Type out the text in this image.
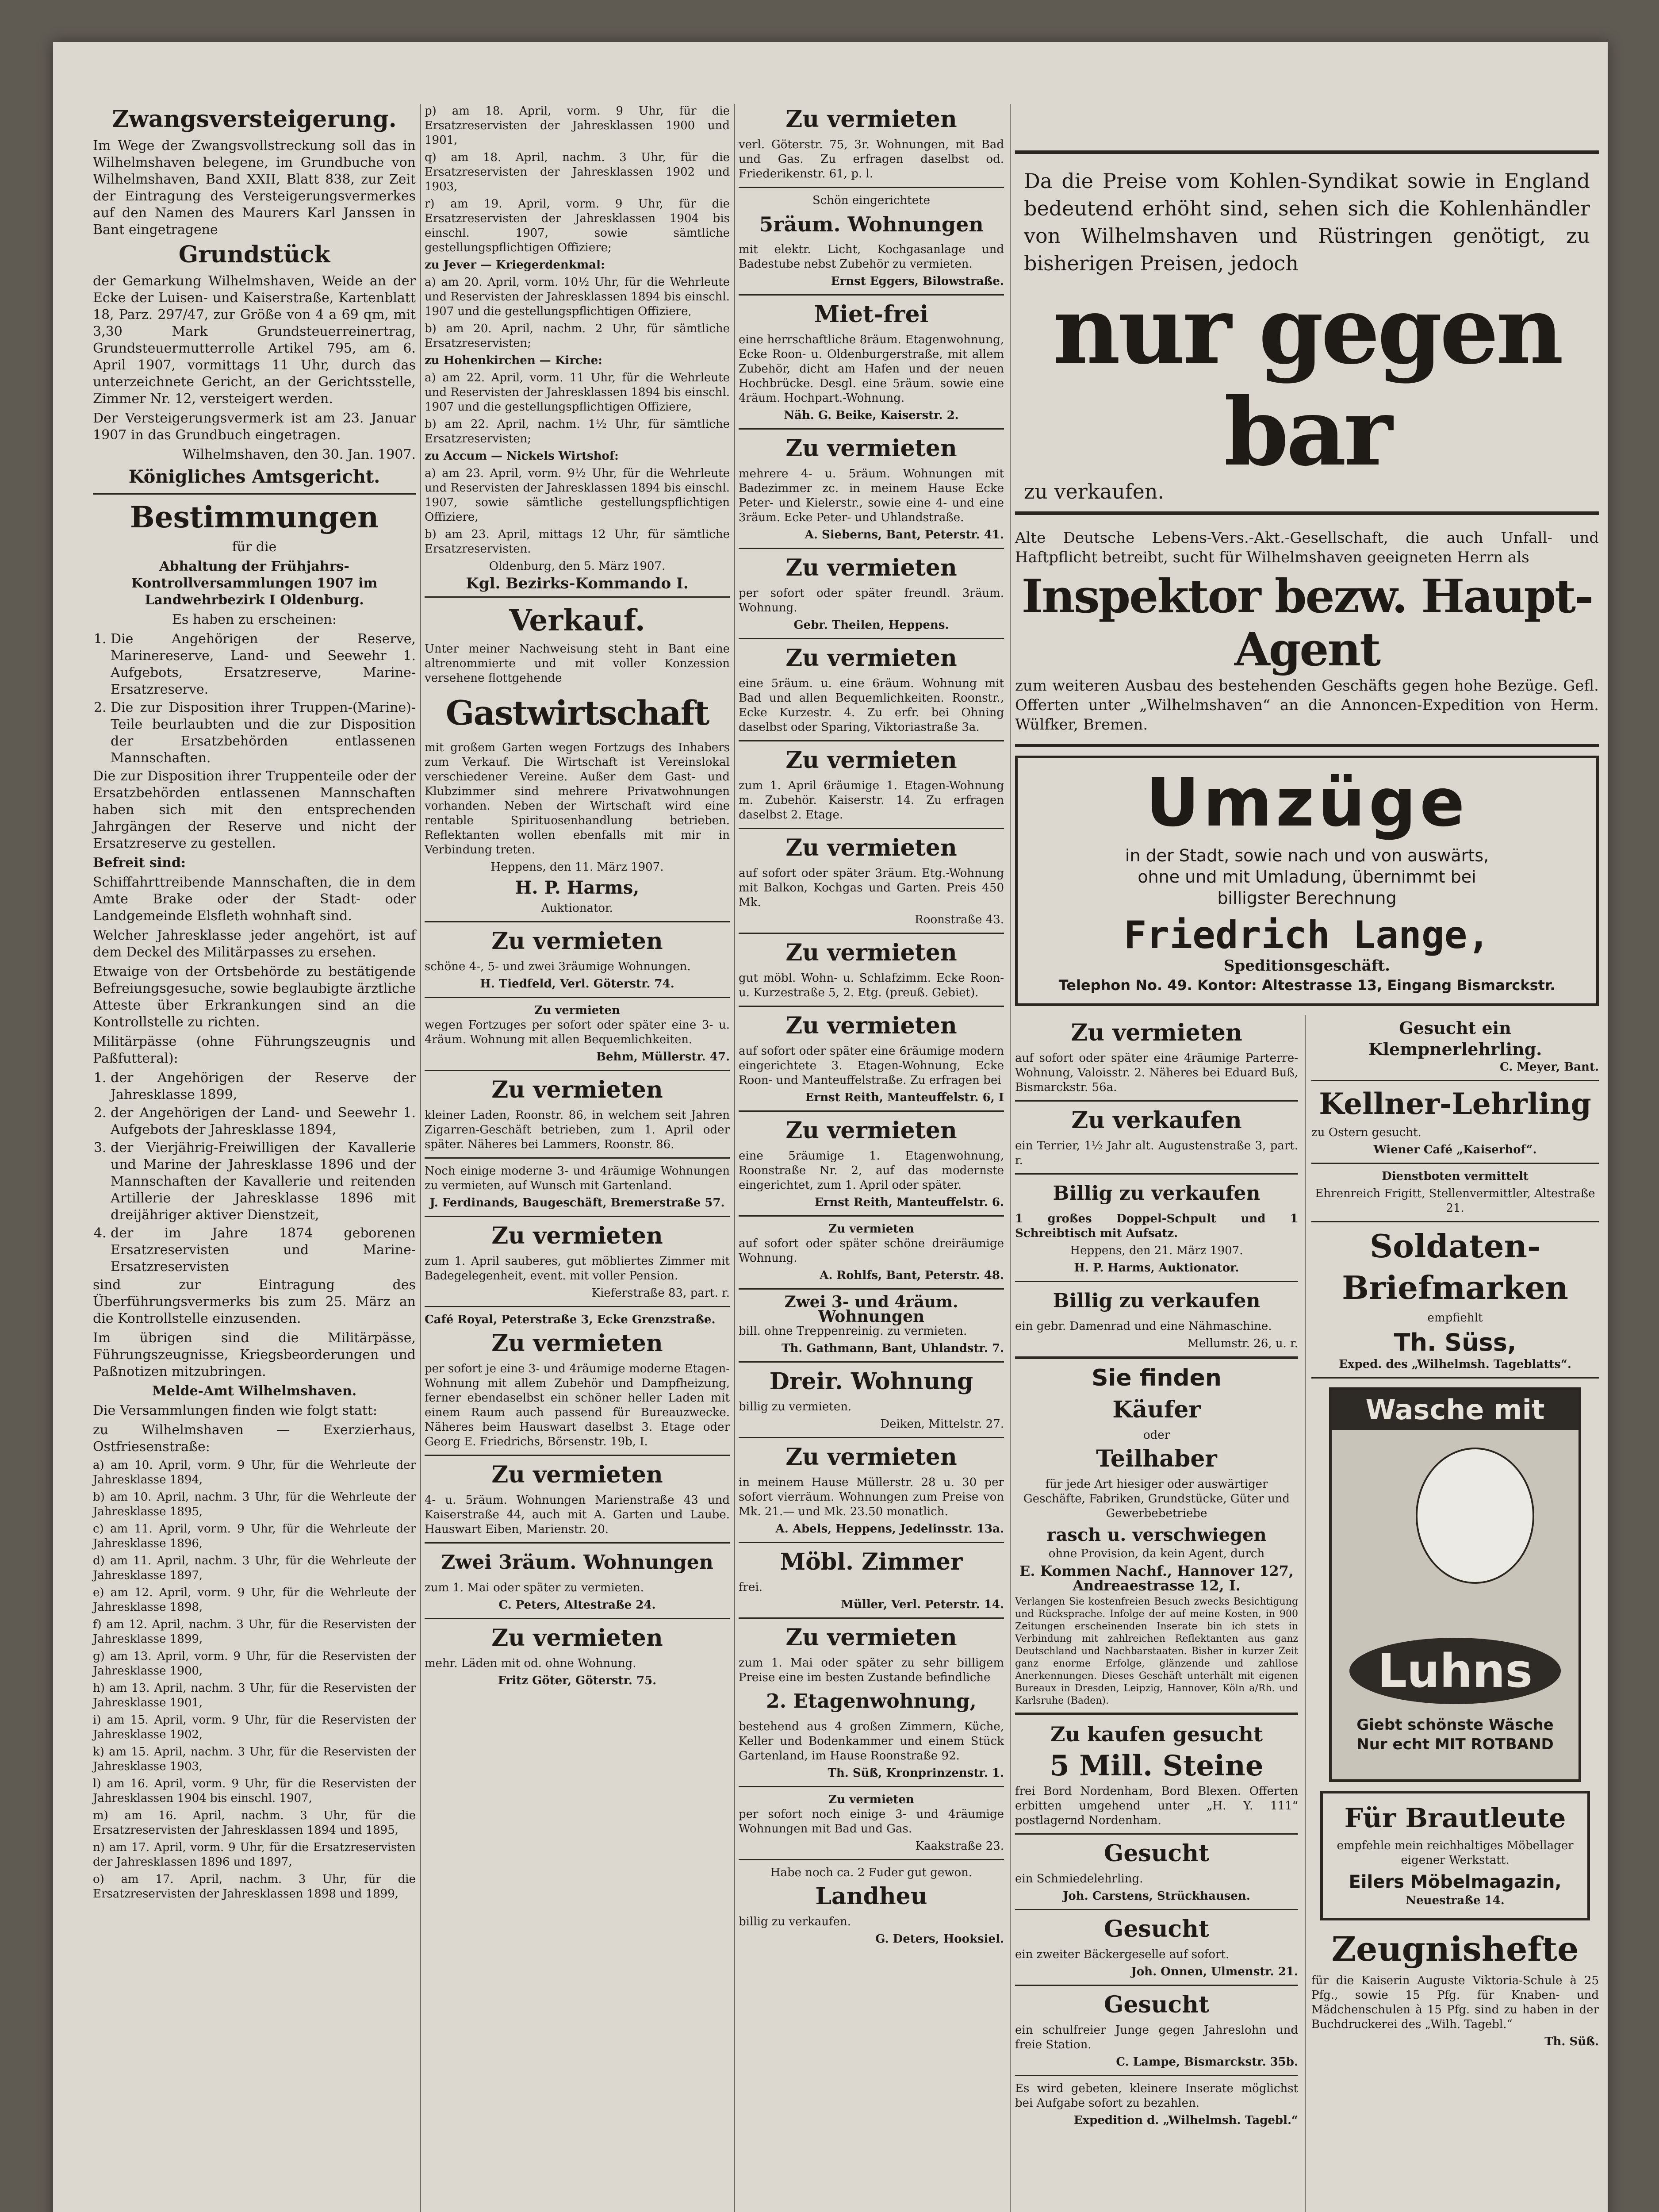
Zwangsversteigerung.

Im Wege der Zwangsvollstreckung soll das in Wilhelmshaven belegene, im Grundbuche von Wilhelmshaven, Band XXII, Blatt 838, zur Zeit der Eintragung des Versteigerungsvermerkes auf den Namen des Maurers Karl Janssen in Bant eingetragene

Grundstück

der Gemarkung Wilhelmshaven, Weide an der Ecke der Luisen- und Kaiserstraße, Kartenblatt 18, Parz. 297/47, zur Größe von 4 a 69 qm, mit 3,30 Mark Grundsteuerreinertrag, Grundsteuermutterrolle Artikel 795, am 6. April 1907, vormittags 11 Uhr, durch das unterzeichnete Gericht, an der Gerichtsstelle, Zimmer Nr. 12, versteigert werden.

Der Versteigerungsvermerk ist am 23. Januar 1907 in das Grundbuch eingetragen.

Wilhelmshaven, den 30. Jan. 1907.

Königliches Amtsgericht.

Bestimmungen

für die

Abhaltung der Frühjahrs-Kontrollversammlungen 1907 im Landwehrbezirk I Oldenburg.

Es haben zu erscheinen:

1. Die Angehörigen der Reserve, Marinereserve, Land- und Seewehr 1. Aufgebots, Ersatzreserve, Marine-Ersatzreserve.
2. Die zur Disposition ihrer Truppen-(Marine)-Teile beurlaubten und die zur Disposition der Ersatzbehörden entlassenen Mannschaften.

Die zur Disposition ihrer Truppenteile oder der Ersatzbehörden entlassenen Mannschaften haben sich mit den entsprechenden Jahrgängen der Reserve und nicht der Ersatzreserve zu gestellen.

Befreit sind:

Schiffahrttreibende Mannschaften, die in dem Amte Brake oder der Stadt- oder Landgemeinde Elsfleth wohnhaft sind.

Welcher Jahresklasse jeder angehört, ist auf dem Deckel des Militärpasses zu ersehen.

Etwaige von der Ortsbehörde zu bestätigende Befreiungsgesuche, sowie beglaubigte ärztliche Atteste über Erkrankungen sind an die Kontrollstelle zu richten.

Militärpässe (ohne Führungszeugnis und Paßfutteral):

1. der Angehörigen der Reserve der Jahresklasse 1899,
2. der Angehörigen der Land- und Seewehr 1. Aufgebots der Jahresklasse 1894,
3. der Vierjährig-Freiwilligen der Kavallerie und Marine der Jahresklasse 1896 und der Mannschaften der Kavallerie und reitenden Artillerie der Jahresklasse 1896 mit dreijähriger aktiver Dienstzeit,
4. der im Jahre 1874 geborenen Ersatzreservisten und Marine-Ersatzreservisten

sind zur Eintragung des Überführungsvermerks bis zum 25. März an die Kontrollstelle einzusenden.

Im übrigen sind die Militärpässe, Führungszeugnisse, Kriegsbeorderungen und Paßnotizen mitzubringen.

Melde-Amt Wilhelmshaven.

Die Versammlungen finden wie folgt statt:

zu Wilhelmshaven — Exerzierhaus, Ostfriesenstraße:

a) am 10. April, vorm. 9 Uhr, für die Wehrleute der Jahresklasse 1894,

b) am 10. April, nachm. 3 Uhr, für die Wehrleute der Jahresklasse 1895,

c) am 11. April, vorm. 9 Uhr, für die Wehrleute der Jahresklasse 1896,

d) am 11. April, nachm. 3 Uhr, für die Wehrleute der Jahresklasse 1897,

e) am 12. April, vorm. 9 Uhr, für die Wehrleute der Jahresklasse 1898,

f) am 12. April, nachm. 3 Uhr, für die Reservisten der Jahresklasse 1899,

g) am 13. April, vorm. 9 Uhr, für die Reservisten der Jahresklasse 1900,

h) am 13. April, nachm. 3 Uhr, für die Reservisten der Jahresklasse 1901,

i) am 15. April, vorm. 9 Uhr, für die Reservisten der Jahresklasse 1902,

k) am 15. April, nachm. 3 Uhr, für die Reservisten der Jahresklasse 1903,

l) am 16. April, vorm. 9 Uhr, für die Reservisten der Jahresklassen 1904 bis einschl. 1907,

m) am 16. April, nachm. 3 Uhr, für die Ersatzreservisten der Jahresklassen 1894 und 1895,

n) am 17. April, vorm. 9 Uhr, für die Ersatzreservisten der Jahresklassen 1896 und 1897,

o) am 17. April, nachm. 3 Uhr, für die Ersatzreservisten der Jahresklassen 1898 und 1899,

p) am 18. April, vorm. 9 Uhr, für die Ersatzreservisten der Jahresklassen 1900 und 1901,

q) am 18. April, nachm. 3 Uhr, für die Ersatzreservisten der Jahresklassen 1902 und 1903,

r) am 19. April, vorm. 9 Uhr, für die Ersatzreservisten der Jahresklassen 1904 bis einschl. 1907, sowie sämtliche gestellungspflichtigen Offiziere;

zu Jever — Kriegerdenkmal:

a) am 20. April, vorm. 10½ Uhr, für die Wehrleute und Reservisten der Jahresklassen 1894 bis einschl. 1907 und die gestellungspflichtigen Offiziere,

b) am 20. April, nachm. 2 Uhr, für sämtliche Ersatzreservisten;

zu Hohenkirchen — Kirche:

a) am 22. April, vorm. 11 Uhr, für die Wehrleute und Reservisten der Jahresklassen 1894 bis einschl. 1907 und die gestellungspflichtigen Offiziere,

b) am 22. April, nachm. 1½ Uhr, für sämtliche Ersatzreservisten;

zu Accum — Nickels Wirtshof:

a) am 23. April, vorm. 9½ Uhr, für die Wehrleute und Reservisten der Jahresklassen 1894 bis einschl. 1907, sowie sämtliche gestellungspflichtigen Offiziere,

b) am 23. April, mittags 12 Uhr, für sämtliche Ersatzreservisten.

Oldenburg, den 5. März 1907.

Kgl. Bezirks-Kommando I.

Verkauf.

Unter meiner Nachweisung steht in Bant eine altrenommierte und mit voller Konzession versehene flottgehende

Gastwirtschaft

mit großem Garten wegen Fortzugs des Inhabers zum Verkauf. Die Wirtschaft ist Vereinslokal verschiedener Vereine. Außer dem Gast- und Klubzimmer sind mehrere Privatwohnungen vorhanden. Neben der Wirtschaft wird eine rentable Spirituosenhandlung betrieben. Reflektanten wollen ebenfalls mit mir in Verbindung treten.

Heppens, den 11. März 1907.

H. P. Harms,

Auktionator.

Zu vermieten

schöne 4-, 5- und zwei 3räumige Wohnungen.

H. Tiedfeld, Verl. Göterstr. 74.

Zu vermieten

wegen Fortzuges per sofort oder später eine 3- u. 4räum. Wohnung mit allen Bequemlichkeiten.

Behm, Müllerstr. 47.

Zu vermieten

kleiner Laden, Roonstr. 86, in welchem seit Jahren Zigarren-Geschäft betrieben, zum 1. April oder später. Näheres bei Lammers, Roonstr. 86.

Noch einige moderne 3- und 4räumige Wohnungen zu vermieten, auf Wunsch mit Gartenland.

J. Ferdinands, Baugeschäft, Bremerstraße 57.

Zu vermieten

zum 1. April sauberes, gut möbliertes Zimmer mit Badegelegenheit, event. mit voller Pension.

Kieferstraße 83, part. r.

Café Royal, Peterstraße 3, Ecke Grenzstraße.

Zu vermieten

per sofort je eine 3- und 4räumige moderne Etagen-Wohnung mit allem Zubehör und Dampfheizung, ferner ebendaselbst ein schöner heller Laden mit einem Raum auch passend für Bureauzwecke. Näheres beim Hauswart daselbst 3. Etage oder Georg E. Friedrichs, Börsenstr. 19b, I.

Zu vermieten

4- u. 5räum. Wohnungen Marienstraße 43 und Kaiserstraße 44, auch mit A. Garten und Laube. Hauswart Eiben, Marienstr. 20.

Zwei 3räum. Wohnungen

zum 1. Mai oder später zu vermieten.

C. Peters, Altestraße 24.

Zu vermieten

mehr. Läden mit od. ohne Wohnung.

Fritz Göter, Göterstr. 75.

Zu vermieten

verl. Göterstr. 75, 3r. Wohnungen, mit Bad und Gas. Zu erfragen daselbst od. Friederikenstr. 61, p. l.

Schön eingerichtete

5räum. Wohnungen

mit elektr. Licht, Kochgasanlage und Badestube nebst Zubehör zu vermieten.

Ernst Eggers, Bilowstraße.

Miet-frei

eine herrschaftliche 8räum. Etagenwohnung, Ecke Roon- u. Oldenburgerstraße, mit allem Zubehör, dicht am Hafen und der neuen Hochbrücke. Desgl. eine 5räum. sowie eine 4räum. Hochpart.-Wohnung.

Näh. G. Beike, Kaiserstr. 2.

Zu vermieten

mehrere 4- u. 5räum. Wohnungen mit Badezimmer zc. in meinem Hause Ecke Peter- und Kielerstr., sowie eine 4- und eine 3räum. Ecke Peter- und Uhlandstraße.

A. Sieberns, Bant, Peterstr. 41.

Zu vermieten

per sofort oder später freundl. 3räum. Wohnung.

Gebr. Theilen, Heppens.

Zu vermieten

eine 5räum. u. eine 6räum. Wohnung mit Bad und allen Bequemlichkeiten. Roonstr., Ecke Kurzestr. 4. Zu erfr. bei Ohning daselbst oder Sparing, Viktoriastraße 3a.

Zu vermieten

zum 1. April 6räumige 1. Etagen-Wohnung m. Zubehör. Kaiserstr. 14. Zu erfragen daselbst 2. Etage.

Zu vermieten

auf sofort oder später 3räum. Etg.-Wohnung mit Balkon, Kochgas und Garten. Preis 450 Mk.

Roonstraße 43.

Zu vermieten

gut möbl. Wohn- u. Schlafzimm. Ecke Roon- u. Kurzestraße 5, 2. Etg. (preuß. Gebiet).

Zu vermieten

auf sofort oder später eine 6räumige modern eingerichtete 3. Etagen-Wohnung, Ecke Roon- und Manteuffelstraße. Zu erfragen bei

Ernst Reith, Manteuffelstr. 6, I

Zu vermieten

eine 5räumige 1. Etagenwohnung, Roonstraße Nr. 2, auf das modernste eingerichtet, zum 1. April oder später.

Ernst Reith, Manteuffelstr. 6.

Zu vermieten

auf sofort oder später schöne dreiräumige Wohnung.

A. Rohlfs, Bant, Peterstr. 48.

Zwei 3- und 4räum. Wohnungen

bill. ohne Treppenreinig. zu vermieten.

Th. Gathmann, Bant, Uhlandstr. 7.

Dreir. Wohnung

billig zu vermieten.

Deiken, Mittelstr. 27.

Zu vermieten

in meinem Hause Müllerstr. 28 u. 30 per sofort vierräum. Wohnungen zum Preise von Mk. 21.— und Mk. 23.50 monatlich.

A. Abels, Heppens, Jedelinsstr. 13a.

Möbl. Zimmer

frei.

Müller, Verl. Peterstr. 14.

Zu vermieten

zum 1. Mai oder später zu sehr billigem Preise eine im besten Zustande befindliche

2. Etagenwohnung,

bestehend aus 4 großen Zimmern, Küche, Keller und Bodenkammer und einem Stück Gartenland, im Hause Roonstraße 92.

Th. Süß, Kronprinzenstr. 1.

Zu vermieten

per sofort noch einige 3- und 4räumige Wohnungen mit Bad und Gas.

Kaakstraße 23.

Habe noch ca. 2 Fuder gut gewon.

Landheu

billig zu verkaufen.

G. Deters, Hooksiel.

Da die Preise vom Kohlen-Syndikat sowie in England bedeutend erhöht sind, sehen sich die Kohlenhändler von Wilhelmshaven und Rüstringen genötigt, zu bisherigen Preisen, jedoch

nur gegen bar

zu verkaufen.

Alte Deutsche Lebens-Vers.-Akt.-Gesellschaft, die auch Unfall- und Haftpflicht betreibt, sucht für Wilhelmshaven geeigneten Herrn als

Inspektor bezw. Haupt-Agent

zum weiteren Ausbau des bestehenden Geschäfts gegen hohe Bezüge. Gefl. Offerten unter „Wilhelmshaven“ an die Annoncen-Expedition von Herm. Wülfker, Bremen.

Umzüge

in der Stadt, sowie nach und von auswärts, ohne und mit Umladung, übernimmt bei billigster Berechnung

Friedrich Lange,

Speditionsgeschäft.

Telephon No. 49. Kontor: Altestrasse 13, Eingang Bismarckstr.

Zu vermieten

auf sofort oder später eine 4räumige Parterre-Wohnung, Valoisstr. 2. Näheres bei Eduard Buß, Bismarckstr. 56a.

Zu verkaufen

ein Terrier, 1½ Jahr alt. Augustenstraße 3, part. r.

Billig zu verkaufen

1 großes Doppel-Schpult und 1 Schreibtisch mit Aufsatz.

Heppens, den 21. März 1907.

H. P. Harms, Auktionator.

Billig zu verkaufen

ein gebr. Damenrad und eine Nähmaschine.

Mellumstr. 26, u. r.

Sie finden
Käufer

oder

Teilhaber

für jede Art hiesiger oder auswärtiger Geschäfte, Fabriken, Grundstücke, Güter und Gewerbebetriebe

rasch u. verschwiegen

ohne Provision, da kein Agent, durch

E. Kommen Nachf., Hannover 127, Andreaestrasse 12, I.

Verlangen Sie kostenfreien Besuch zwecks Besichtigung und Rücksprache. Infolge der auf meine Kosten, in 900 Zeitungen erscheinenden Inserate bin ich stets in Verbindung mit zahlreichen Reflektanten aus ganz Deutschland und Nachbarstaaten. Bisher in kurzer Zeit ganz enorme Erfolge, glänzende und zahllose Anerkennungen. Dieses Geschäft unterhält mit eigenen Bureaux in Dresden, Leipzig, Hannover, Köln a/Rh. und Karlsruhe (Baden).

Zu kaufen gesucht
5 Mill. Steine

frei Bord Nordenham, Bord Blexen. Offerten erbitten umgehend unter „H. Y. 111“ postlagernd Nordenham.

Gesucht

ein Schmiedelehrling.

Joh. Carstens, Strückhausen.

Gesucht

ein zweiter Bäckergeselle auf sofort.

Joh. Onnen, Ulmenstr. 21.

Gesucht

ein schulfreier Junge gegen Jahreslohn und freie Station.

C. Lampe, Bismarckstr. 35b.

Es wird gebeten, kleinere Inserate möglichst bei Aufgabe sofort zu bezahlen.

Expedition d. „Wilhelmsh. Tagebl.“

Gesucht ein Klempnerlehrling.

C. Meyer, Bant.

Kellner-Lehrling

zu Ostern gesucht.

Wiener Café „Kaiserhof“.

Dienstboten vermittelt

Ehrenreich Frigitt, Stellenvermittler, Altestraße 21.

Soldaten-
Briefmarken

empfiehlt

Th. Süss,

Exped. des „Wilhelmsh. Tageblatts“.

Wasche mit
Luhns
Giebt schönste Wäsche
Nur echt MIT ROTBAND
Für Brautleute

empfehle mein reichhaltiges Möbellager eigener Werkstatt.

Eilers Möbelmagazin,

Neuestraße 14.

Zeugnishefte

für die Kaiserin Auguste Viktoria-Schule à 25 Pfg., sowie 15 Pfg. für Knaben- und Mädchenschulen à 15 Pfg. sind zu haben in der Buchdruckerei des „Wilh. Tagebl.“

Th. Süß.
